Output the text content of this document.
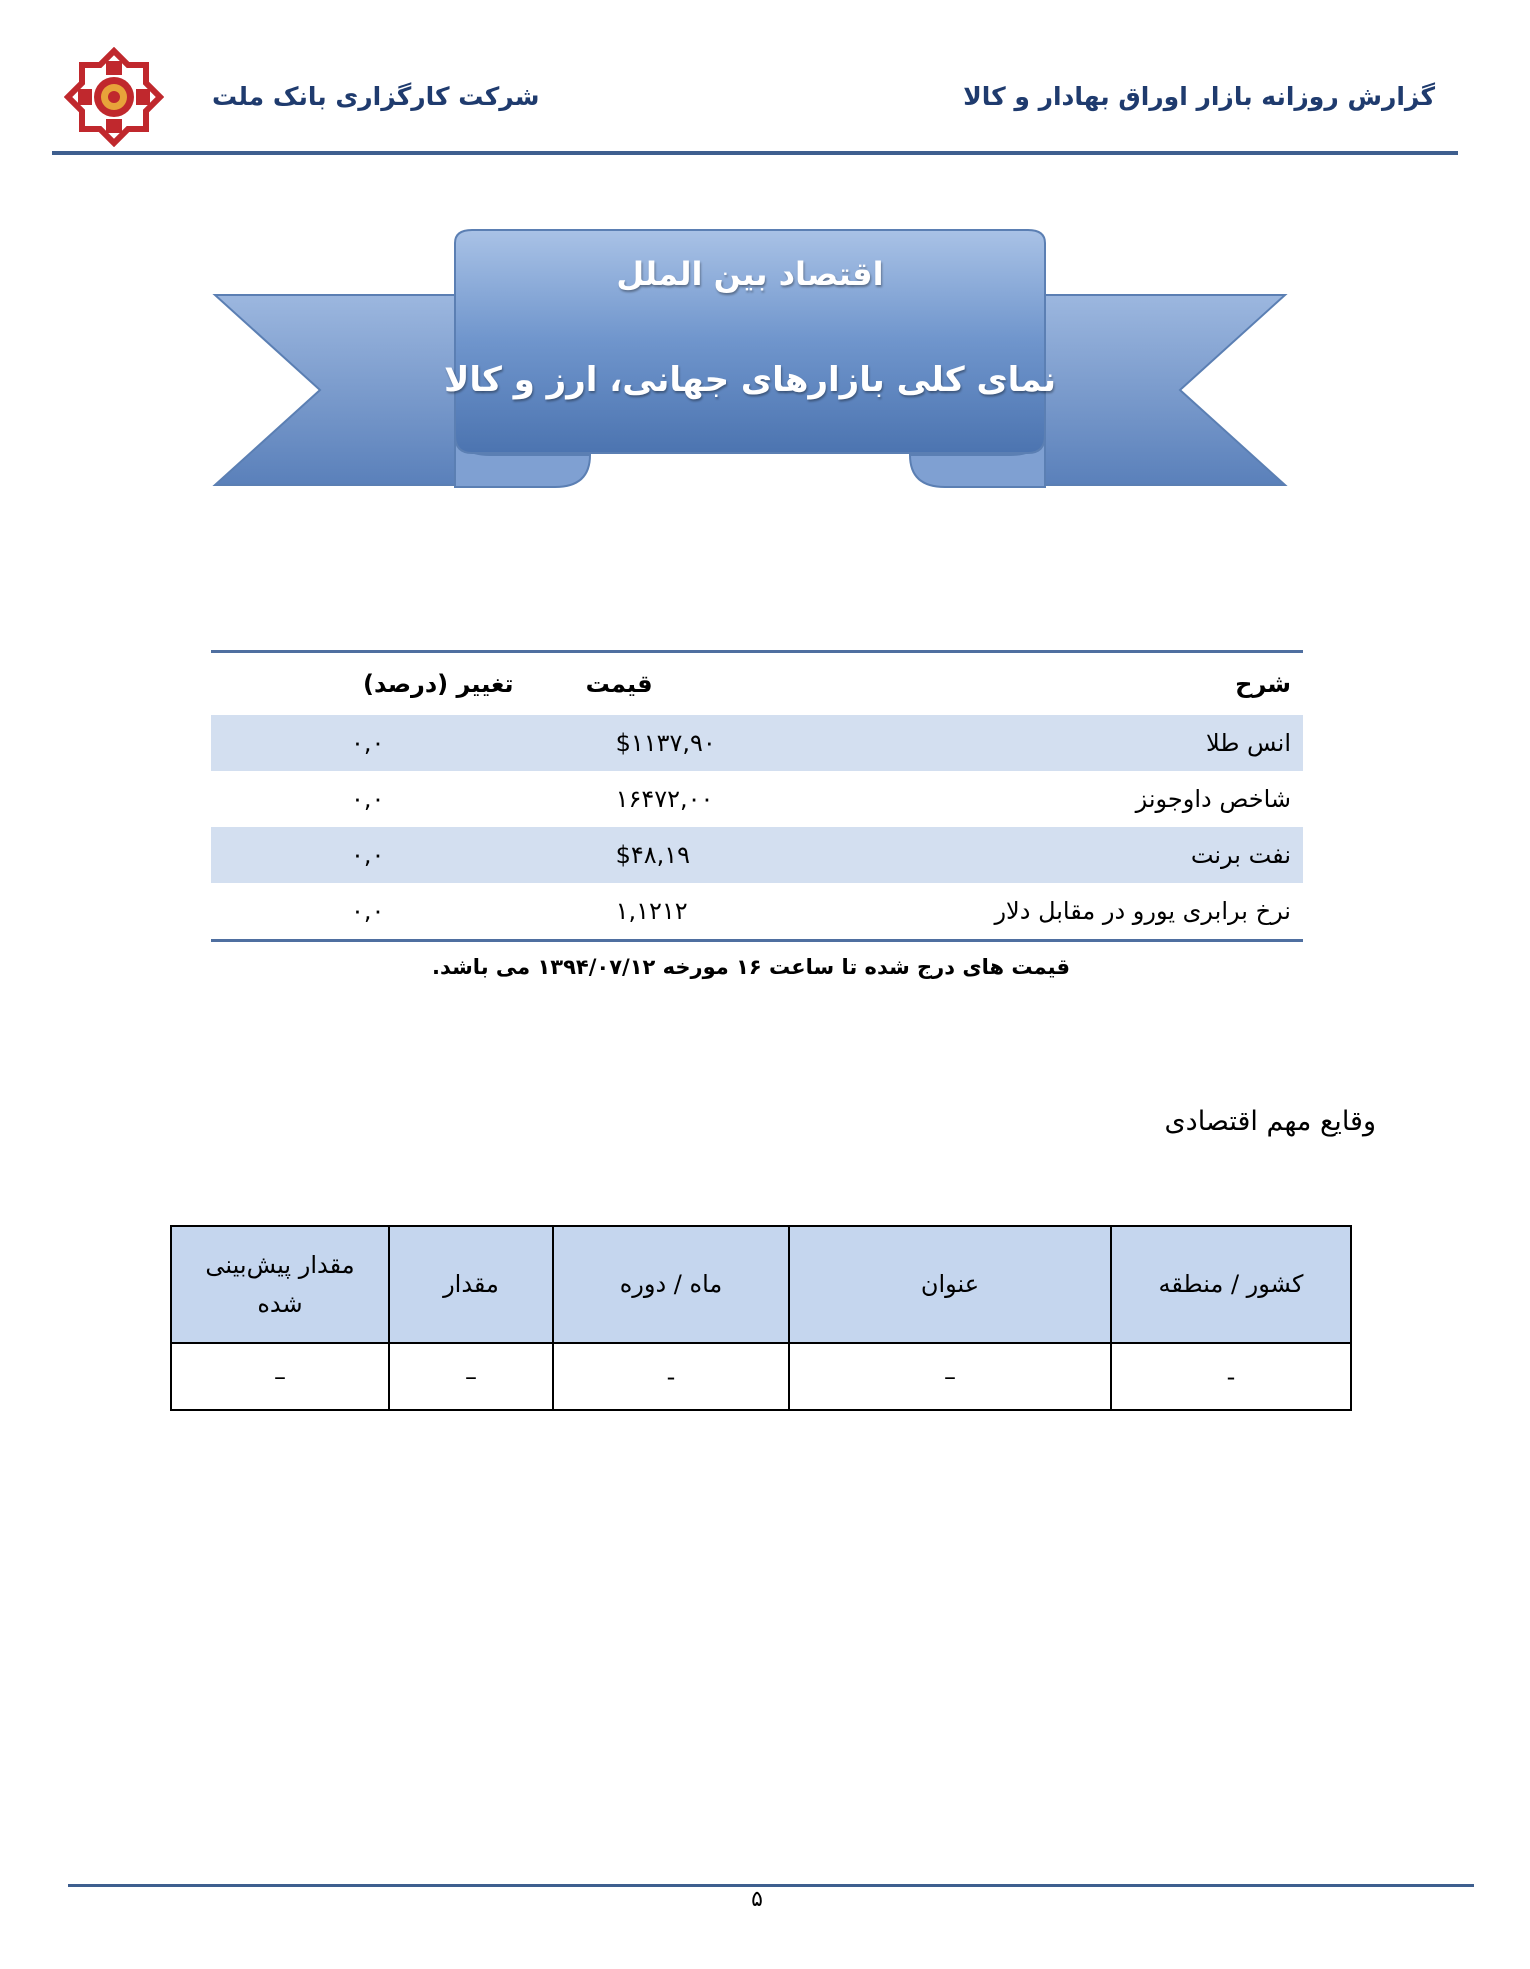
شرکت کارگزاری بانک ملت	گزارش روزانه بازار اوراق بهادار و کالا
اقتصاد بین الملل
نمای کلی بازارهای جهانی، ارز و کالا
شرح	قیمت	تغییر (درصد)
انس طلا	$۱۱۳۷,۹۰	۰,۰
شاخص داوجونز	۱۶۴۷۲,۰۰	۰,۰
نفت برنت	$۴۸,۱۹	۰,۰
نرخ برابری یورو در مقابل دلار	۱,۱۲۱۲	۰,۰
قیمت های درج شده تا ساعت ۱۶ مورخه ۱۳۹۴/۰۷/۱۲ می باشد.
وقایع مهم اقتصادی
کشور / منطقه	عنوان	ماه / دوره	مقدار	مقدار پیش‌بینی
شده
-	–	-	–	–
۵
